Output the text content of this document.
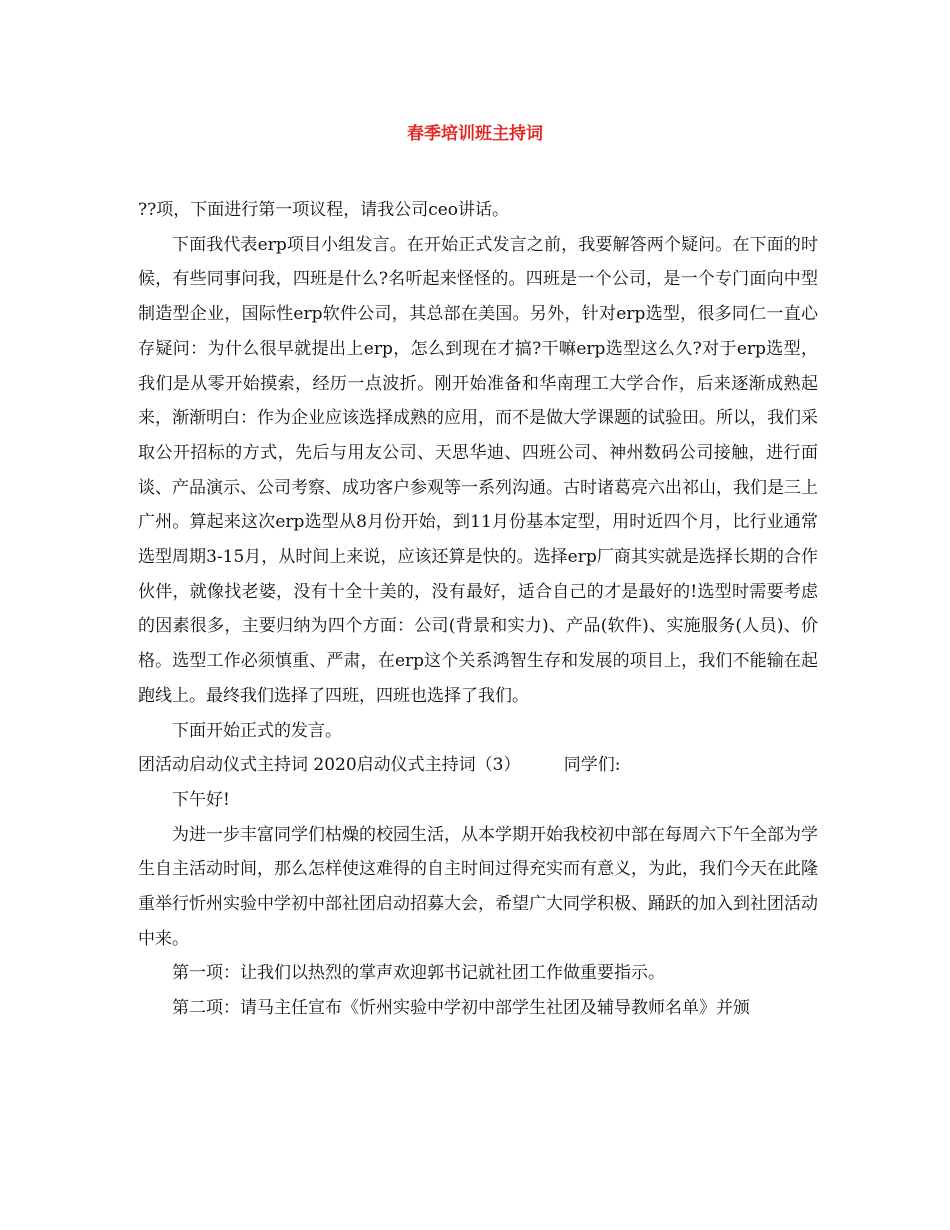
春季培训班主持词

??项，下面进行第一项议程，请我公司ceo讲话。

下面我代表erp项目小组发言。在开始正式发言之前，我要解答两个疑问。在下面的时候，有些同事问我，四班是什么?名听起来怪怪的。四班是一个公司，是一个专门面向中型制造型企业，国际性erp软件公司，其总部在美国。另外，针对erp选型，很多同仁一直心存疑问：为什么很早就提出上erp，怎么到现在才搞?干嘛erp选型这么久?对于erp选型，我们是从零开始摸索，经历一点波折。刚开始准备和华南理工大学合作，后来逐渐成熟起来，渐渐明白：作为企业应该选择成熟的应用，而不是做大学课题的试验田。所以，我们采取公开招标的方式，先后与用友公司、天思华迪、四班公司、神州数码公司接触，进行面谈、产品演示、公司考察、成功客户参观等一系列沟通。古时诸葛亮六出祁山，我们是三上广州。算起来这次erp选型从8月份开始，到11月份基本定型，用时近四个月，比行业通常选型周期3-15月，从时间上来说，应该还算是快的。选择erp厂商其实就是选择长期的合作伙伴，就像找老婆，没有十全十美的，没有最好，适合自己的才是最好的!选型时需要考虑的因素很多，主要归纳为四个方面：公司(背景和实力)、产品(软件)、实施服务(人员)、价格。选型工作必须慎重、严肃，在erp这个关系鸿智生存和发展的项目上，我们不能输在起跑线上。最终我们选择了四班，四班也选择了我们。

下面开始正式的发言。

团活动启动仪式主持词 2020启动仪式主持词（3）        同学们:

下午好!

为进一步丰富同学们枯燥的校园生活，从本学期开始我校初中部在每周六下午全部为学生自主活动时间，那么怎样使这难得的自主时间过得充实而有意义，为此，我们今天在此隆重举行忻州实验中学初中部社团启动招募大会，希望广大同学积极、踊跃的加入到社团活动中来。

第一项：让我们以热烈的掌声欢迎郭书记就社团工作做重要指示。

第二项：请马主任宣布《忻州实验中学初中部学生社团及辅导教师名单》并颁
